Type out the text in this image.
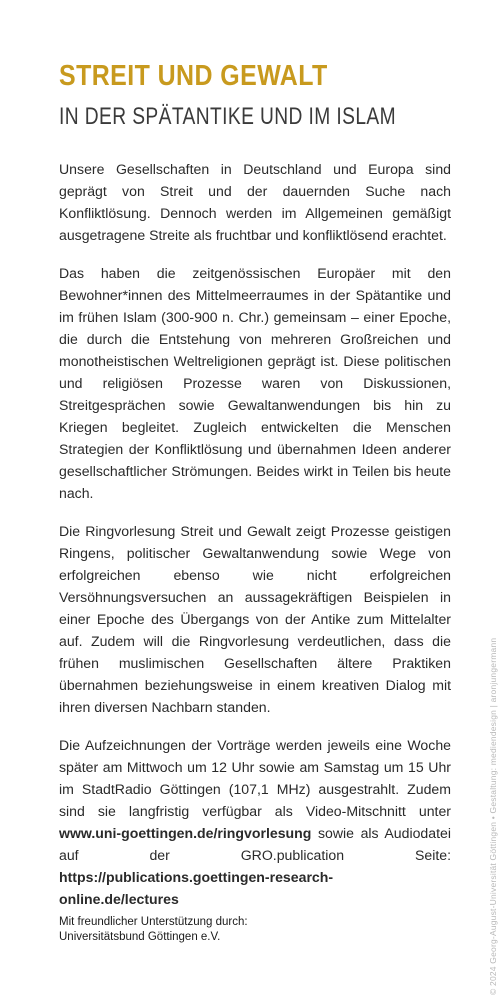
STREIT UND GEWALT
IN DER SPÄTANTIKE UND IM ISLAM

Unsere Gesellschaften in Deutschland und Europa sind geprägt von Streit und der dauernden Suche nach Konfliktlösung. Dennoch werden im Allgemeinen gemäßigt ausgetragene Streite als fruchtbar und konfliktlösend erachtet.

Das haben die zeitgenössischen Europäer mit den Bewohner*innen des Mittelmeerraumes in der Spätantike und im frühen Islam (300-900 n. Chr.) gemeinsam – einer Epoche, die durch die Entstehung von mehreren Großreichen und monotheistischen Weltreligionen geprägt ist. Diese politischen und religiösen Prozesse waren von Diskussionen, Streitgesprächen sowie Gewaltanwendungen bis hin zu Kriegen begleitet. Zugleich entwickelten die Menschen Strategien der Konfliktlösung und übernahmen Ideen anderer gesellschaftlicher Strömungen. Beides wirkt in Teilen bis heute nach.

Die Ringvorlesung Streit und Gewalt zeigt Prozesse geistigen Ringens, politischer Gewaltanwendung sowie Wege von erfolgreichen ebenso wie nicht erfolgreichen Versöhnungsversuchen an aussagekräftigen Beispielen in einer Epoche des Übergangs von der Antike zum Mittelalter auf. Zudem will die Ringvorlesung verdeutlichen, dass die frühen muslimischen Gesellschaften ältere Praktiken übernahmen beziehungsweise in einem kreativen Dialog mit ihren diversen Nachbarn standen.

Die Aufzeichnungen der Vorträge werden jeweils eine Woche später am Mittwoch um 12 Uhr sowie am Samstag um 15 Uhr im StadtRadio Göttingen (107,1 MHz) ausgestrahlt. Zudem sind sie langfristig verfügbar als Video-Mitschnitt unter www.uni-goettingen.de/ringvorlesung sowie als Audiodatei auf der GRO.publication Seite: https://publications.goettingen-research-online.de/lectures

Mit freundlicher Unterstützung durch:
Universitätsbund Göttingen e.V.	© 2024 Georg-August-Universität Göttingen • Gestaltung: mediendesign | aronjungermann
